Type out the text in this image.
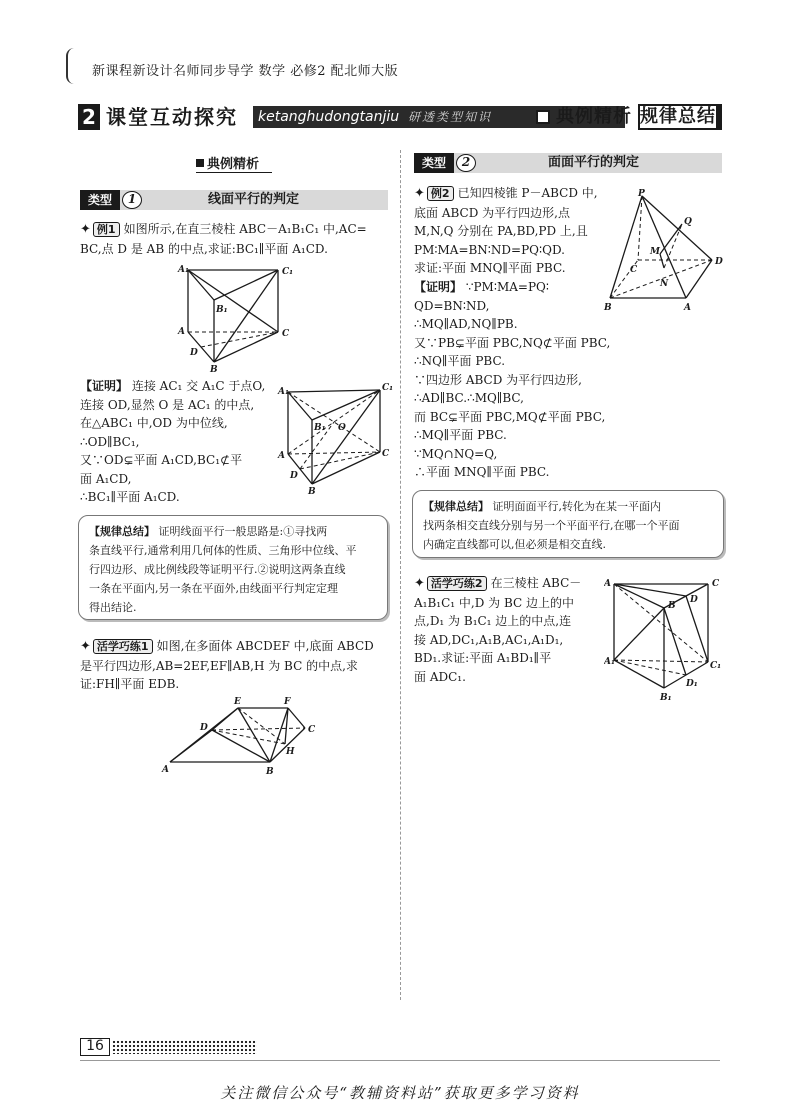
新课程新设计名师同步导学 数学 必修2 配北师大版
2 课堂互动探究 ketanghudongtanjiu 研透类型知识	典例精析 规律总结
典例精析
类型	1	线面平行的判定

✦ 例1 如图所示,在直三棱柱 ABC－A₁B₁C₁ 中,AC=

BC,点 D 是 AB 的中点,求证:BC₁∥平面 A₁CD.

A₁	C₁
B₁
A	C
D
B

【证明】 连接 AC₁ 交 A₁C 于点O,

连接 OD,显然 O 是 AC₁ 的中点,

在△ABC₁ 中,OD 为中位线,

∴OD∥BC₁,

又∵OD⊊平面 A₁CD,BC₁⊄平

面 A₁CD,

∴BC₁∥平面 A₁CD.

A₁	C₁
B₁ O
A
D
C
B

【规律总结】 证明线面平行一般思路是:①寻找两

条直线平行,通常利用几何体的性质、三角形中位线、平

行四边形、成比例线段等证明平行.②说明这两条直线

一条在平面内,另一条在平面外,由线面平行判定定理

得出结论.

✦ 活学巧练1 如图,在多面体 ABCDEF 中,底面 ABCD

是平行四边形,AB=2EF,EF∥AB,H 为 BC 的中点,求

证:FH∥平面 EDB.

E	F
D	C
H
A	B
类型	2	面面平行的判定

✦ 例2 已知四棱锥 P－ABCD 中,

底面 ABCD 为平行四边形,点

M,N,Q 分别在 PA,BD,PD 上,且

PM∶MA=BN∶ND=PQ∶QD.

求证:平面 MNQ∥平面 PBC.

P
Q
M
C
D
N
B	A

【证明】 ∵PM∶MA=PQ∶

QD=BN∶ND,

∴MQ∥AD,NQ∥PB.

又∵PB⊊平面 PBC,NQ⊄平面 PBC,

∴NQ∥平面 PBC.

∵四边形 ABCD 为平行四边形,

∴AD∥BC.∴MQ∥BC,

而 BC⊊平面 PBC,MQ⊄平面 PBC,

∴MQ∥平面 PBC.

∵MQ∩NQ=Q,

∴平面 MNQ∥平面 PBC.

【规律总结】 证明面面平行,转化为在某一平面内

找两条相交直线分别与另一个平面平行,在哪一个平面

内确定直线都可以,但必须是相交直线.

✦ 活学巧练2 在三棱柱 ABC－

A₁B₁C₁ 中,D 为 BC 边上的中

点,D₁ 为 B₁C₁ 边上的中点,连

接 AD,DC₁,A₁B,AC₁,A₁D₁,

BD₁.求证:平面 A₁BD₁∥平

面 ADC₁.

A	C
B
D
A₁	C₁
D₁
B₁
16
关注微信公众号“教辅资料站”获取更多学习资料
